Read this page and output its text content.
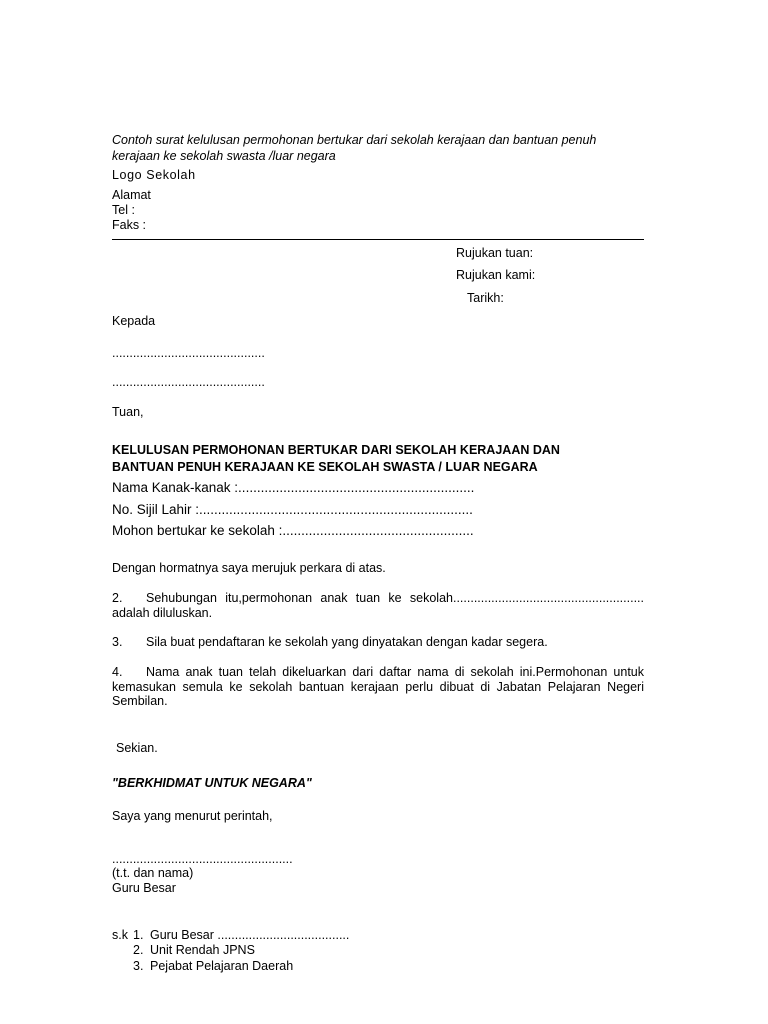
Contoh surat kelulusan permohonan bertukar dari sekolah kerajaan dan bantuan penuh
kerajaan ke sekolah swasta /luar negara
Logo Sekolah
Alamat
Tel :
Faks :
Rujukan tuan:
Rujukan kami:
Tarikh:
Kepada
............................................
............................................
Tuan,
KELULUSAN PERMOHONAN BERTUKAR DARI SEKOLAH KERAJAAN DAN
BANTUAN PENUH KERAJAAN KE SEKOLAH SWASTA / LUAR NEGARA
Nama Kanak-kanak :...............................................................
No. Sijil Lahir :.........................................................................
Mohon bertukar ke sekolah :...................................................
Dengan hormatnya saya merujuk perkara di atas.
2. Sehubungan itu,permohonan anak tuan ke sekolah....................................................... adalah diluluskan.
3. Sila buat pendaftaran ke sekolah yang dinyatakan dengan kadar segera.
4. Nama anak tuan telah dikeluarkan dari daftar nama di sekolah ini.Permohonan untuk kemasukan semula ke sekolah bantuan kerajaan perlu dibuat di Jabatan Pelajaran Negeri Sembilan.
Sekian.
"BERKHIDMAT UNTUK NEGARA"
Saya yang menurut perintah,
....................................................
(t.t. dan nama)
Guru Besar
s.k 1. Guru Besar ......................................
2. Unit Rendah JPNS
3. Pejabat Pelajaran Daerah
